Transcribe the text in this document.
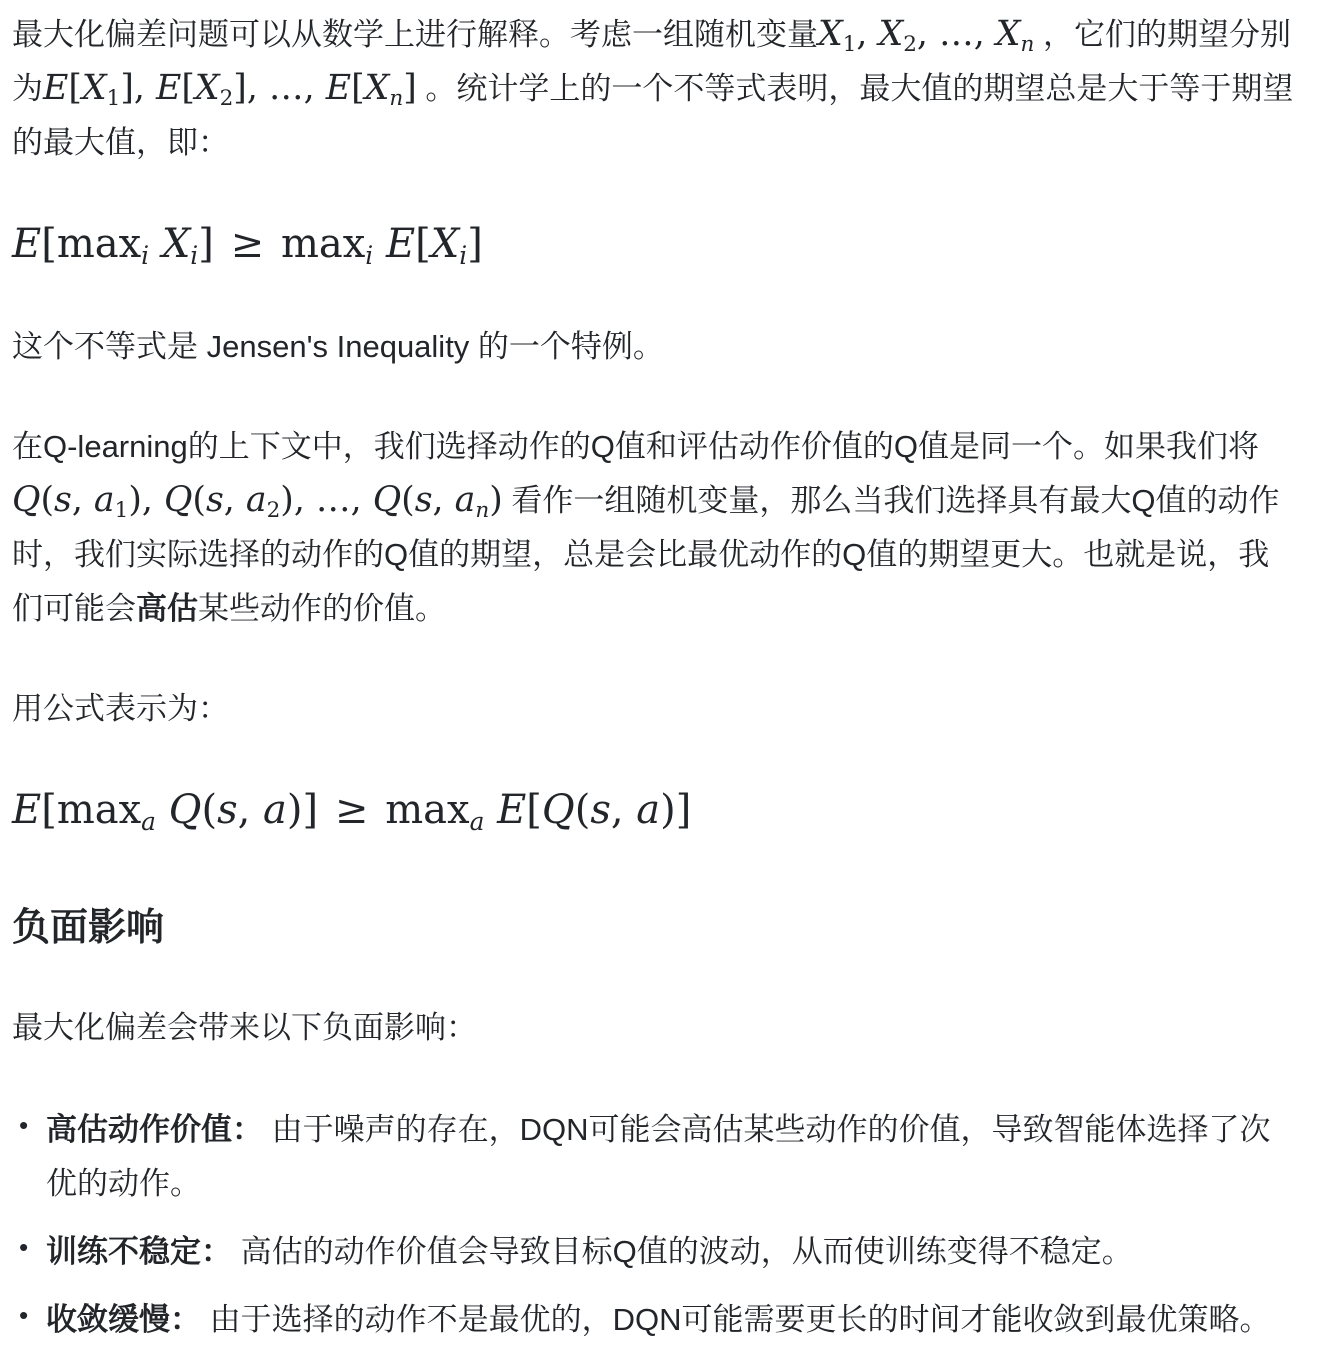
最大化偏差问题可以从数学上进行解释。考虑一组随机变量X1, X2, …, Xn ，它们的期望分别为E[X1], E[X2], …, E[Xn] 。统计学上的一个不等式表明，最大值的期望总是大于等于期望的最大值，即：

E[maxi Xi] ≥ maxi E[Xi]

这个不等式是 Jensen's Inequality 的一个特例。

在Q-learning的上下文中，我们选择动作的Q值和评估动作价值的Q值是同一个。如果我们将 Q(s, a1), Q(s, a2), …, Q(s, an) 看作一组随机变量，那么当我们选择具有最大Q值的动作时，我们实际选择的动作的Q值的期望，总是会比最优动作的Q值的期望更大。也就是说，我们可能会高估某些动作的价值。

用公式表示为：

E[maxa Q(s, a)] ≥ maxa E[Q(s, a)]
负面影响

最大化偏差会带来以下负面影响：

• 高估动作价值： 由于噪声的存在，DQN可能会高估某些动作的价值，导致智能体选择了次优的动作。
• 训练不稳定： 高估的动作价值会导致目标Q值的波动，从而使训练变得不稳定。
• 收敛缓慢： 由于选择的动作不是最优的，DQN可能需要更长的时间才能收敛到最优策略。
